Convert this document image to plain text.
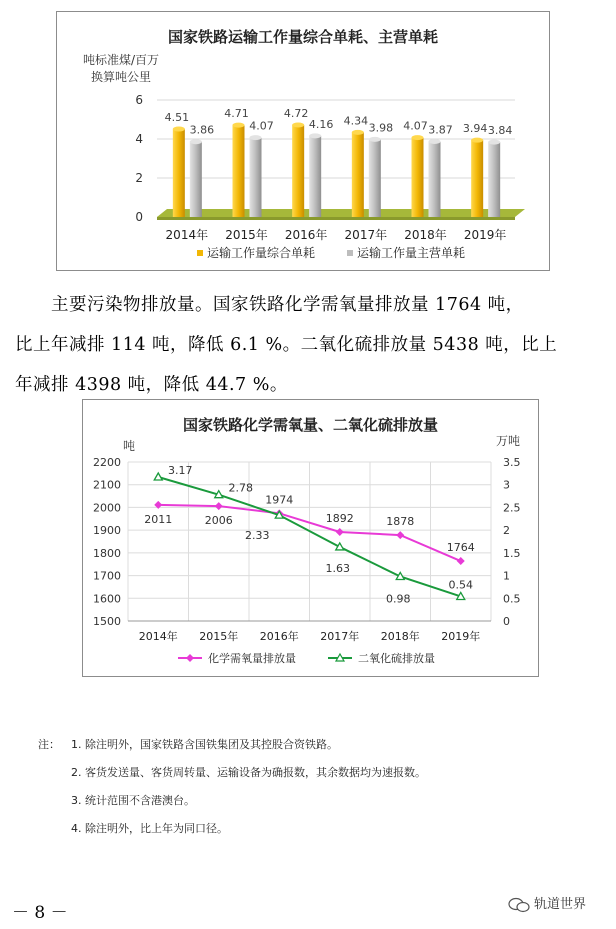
国家铁路运输工作量综合单耗、主营单耗
吨标准煤/百万
换算吨公里
0
2
4
6
4.51
3.86
2014年
4.71
4.07
2015年
4.72
4.16
2016年
4.34
3.98
2017年
4.07 3.87
2018年
3.94 3.84
2019年
运输工作量综合单耗	运输工作量主营单耗
主要污染物排放量。国家铁路化学需氧量排放量 1764 吨，
比上年减排 114 吨，降低 6.1 %。二氧化硫排放量 5438 吨，比上
年减排 4398 吨，降低 44.7 %。
国家铁路化学需氧量、二氧化硫排放量
吨	万吨
1500
1600
1700
1800
1900
2000
2100
2200
0
0.5
1
1.5
2
2.5
3
3.5
2014年 2015年 2016年 2017年 2018年 2019年
2011	2006
1974
1892	1878
1764
3.17
2.78
2.33
1.63
0.98
0.54
化学需氧量排放量	二氧化硫排放量
注： 1. 除注明外，国家铁路含国铁集团及其控股合资铁路。
2. 客货发送量、客货周转量、运输设备为确报数，其余数据均为速报数。
3. 统计范围不含港澳台。
4. 除注明外，比上年为同口径。
－ 8 －	轨道世界
